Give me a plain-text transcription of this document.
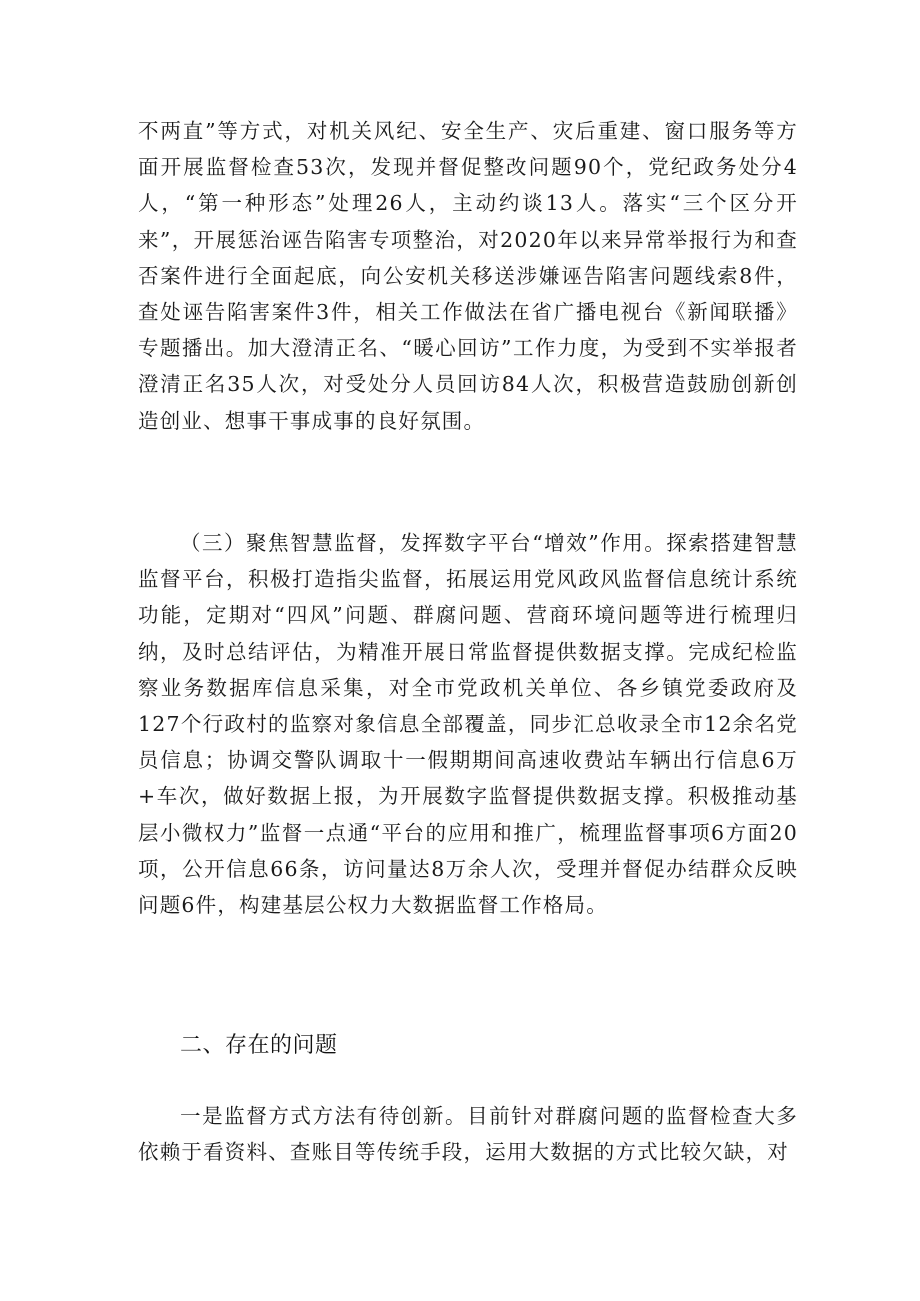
不两直”等方式，对机关风纪、安全生产、灾后重建、窗口服务等方面开展监督检查53次，发现并督促整改问题90个，党纪政务处分4人，“第一种形态”处理26人，主动约谈13人。落实“三个区分开来”，开展惩治诬告陷害专项整治，对2020年以来异常举报行为和查否案件进行全面起底，向公安机关移送涉嫌诬告陷害问题线索8件，查处诬告陷害案件3件，相关工作做法在省广播电视台《新闻联播》专题播出。加大澄清正名、“暖心回访”工作力度，为受到不实举报者澄清正名35人次，对受处分人员回访84人次，积极营造鼓励创新创造创业、想事干事成事的良好氛围。

（三）聚焦智慧监督，发挥数字平台“增效”作用。探索搭建智慧监督平台，积极打造指尖监督，拓展运用党风政风监督信息统计系统功能，定期对“四风”问题、群腐问题、营商环境问题等进行梳理归纳，及时总结评估，为精准开展日常监督提供数据支撑。完成纪检监察业务数据库信息采集，对全市党政机关单位、各乡镇党委政府及127个行政村的监察对象信息全部覆盖，同步汇总收录全市12余名党员信息；协调交警队调取十一假期期间高速收费站车辆出行信息6万+车次，做好数据上报，为开展数字监督提供数据支撑。积极推动基层小微权力”监督一点通“平台的应用和推广，梳理监督事项6方面20项，公开信息66条，访问量达8万余人次，受理并督促办结群众反映问题6件，构建基层公权力大数据监督工作格局。

二、存在的问题

一是监督方式方法有待创新。目前针对群腐问题的监督检查大多依赖于看资料、查账目等传统手段，运用大数据的方式比较欠缺，对
